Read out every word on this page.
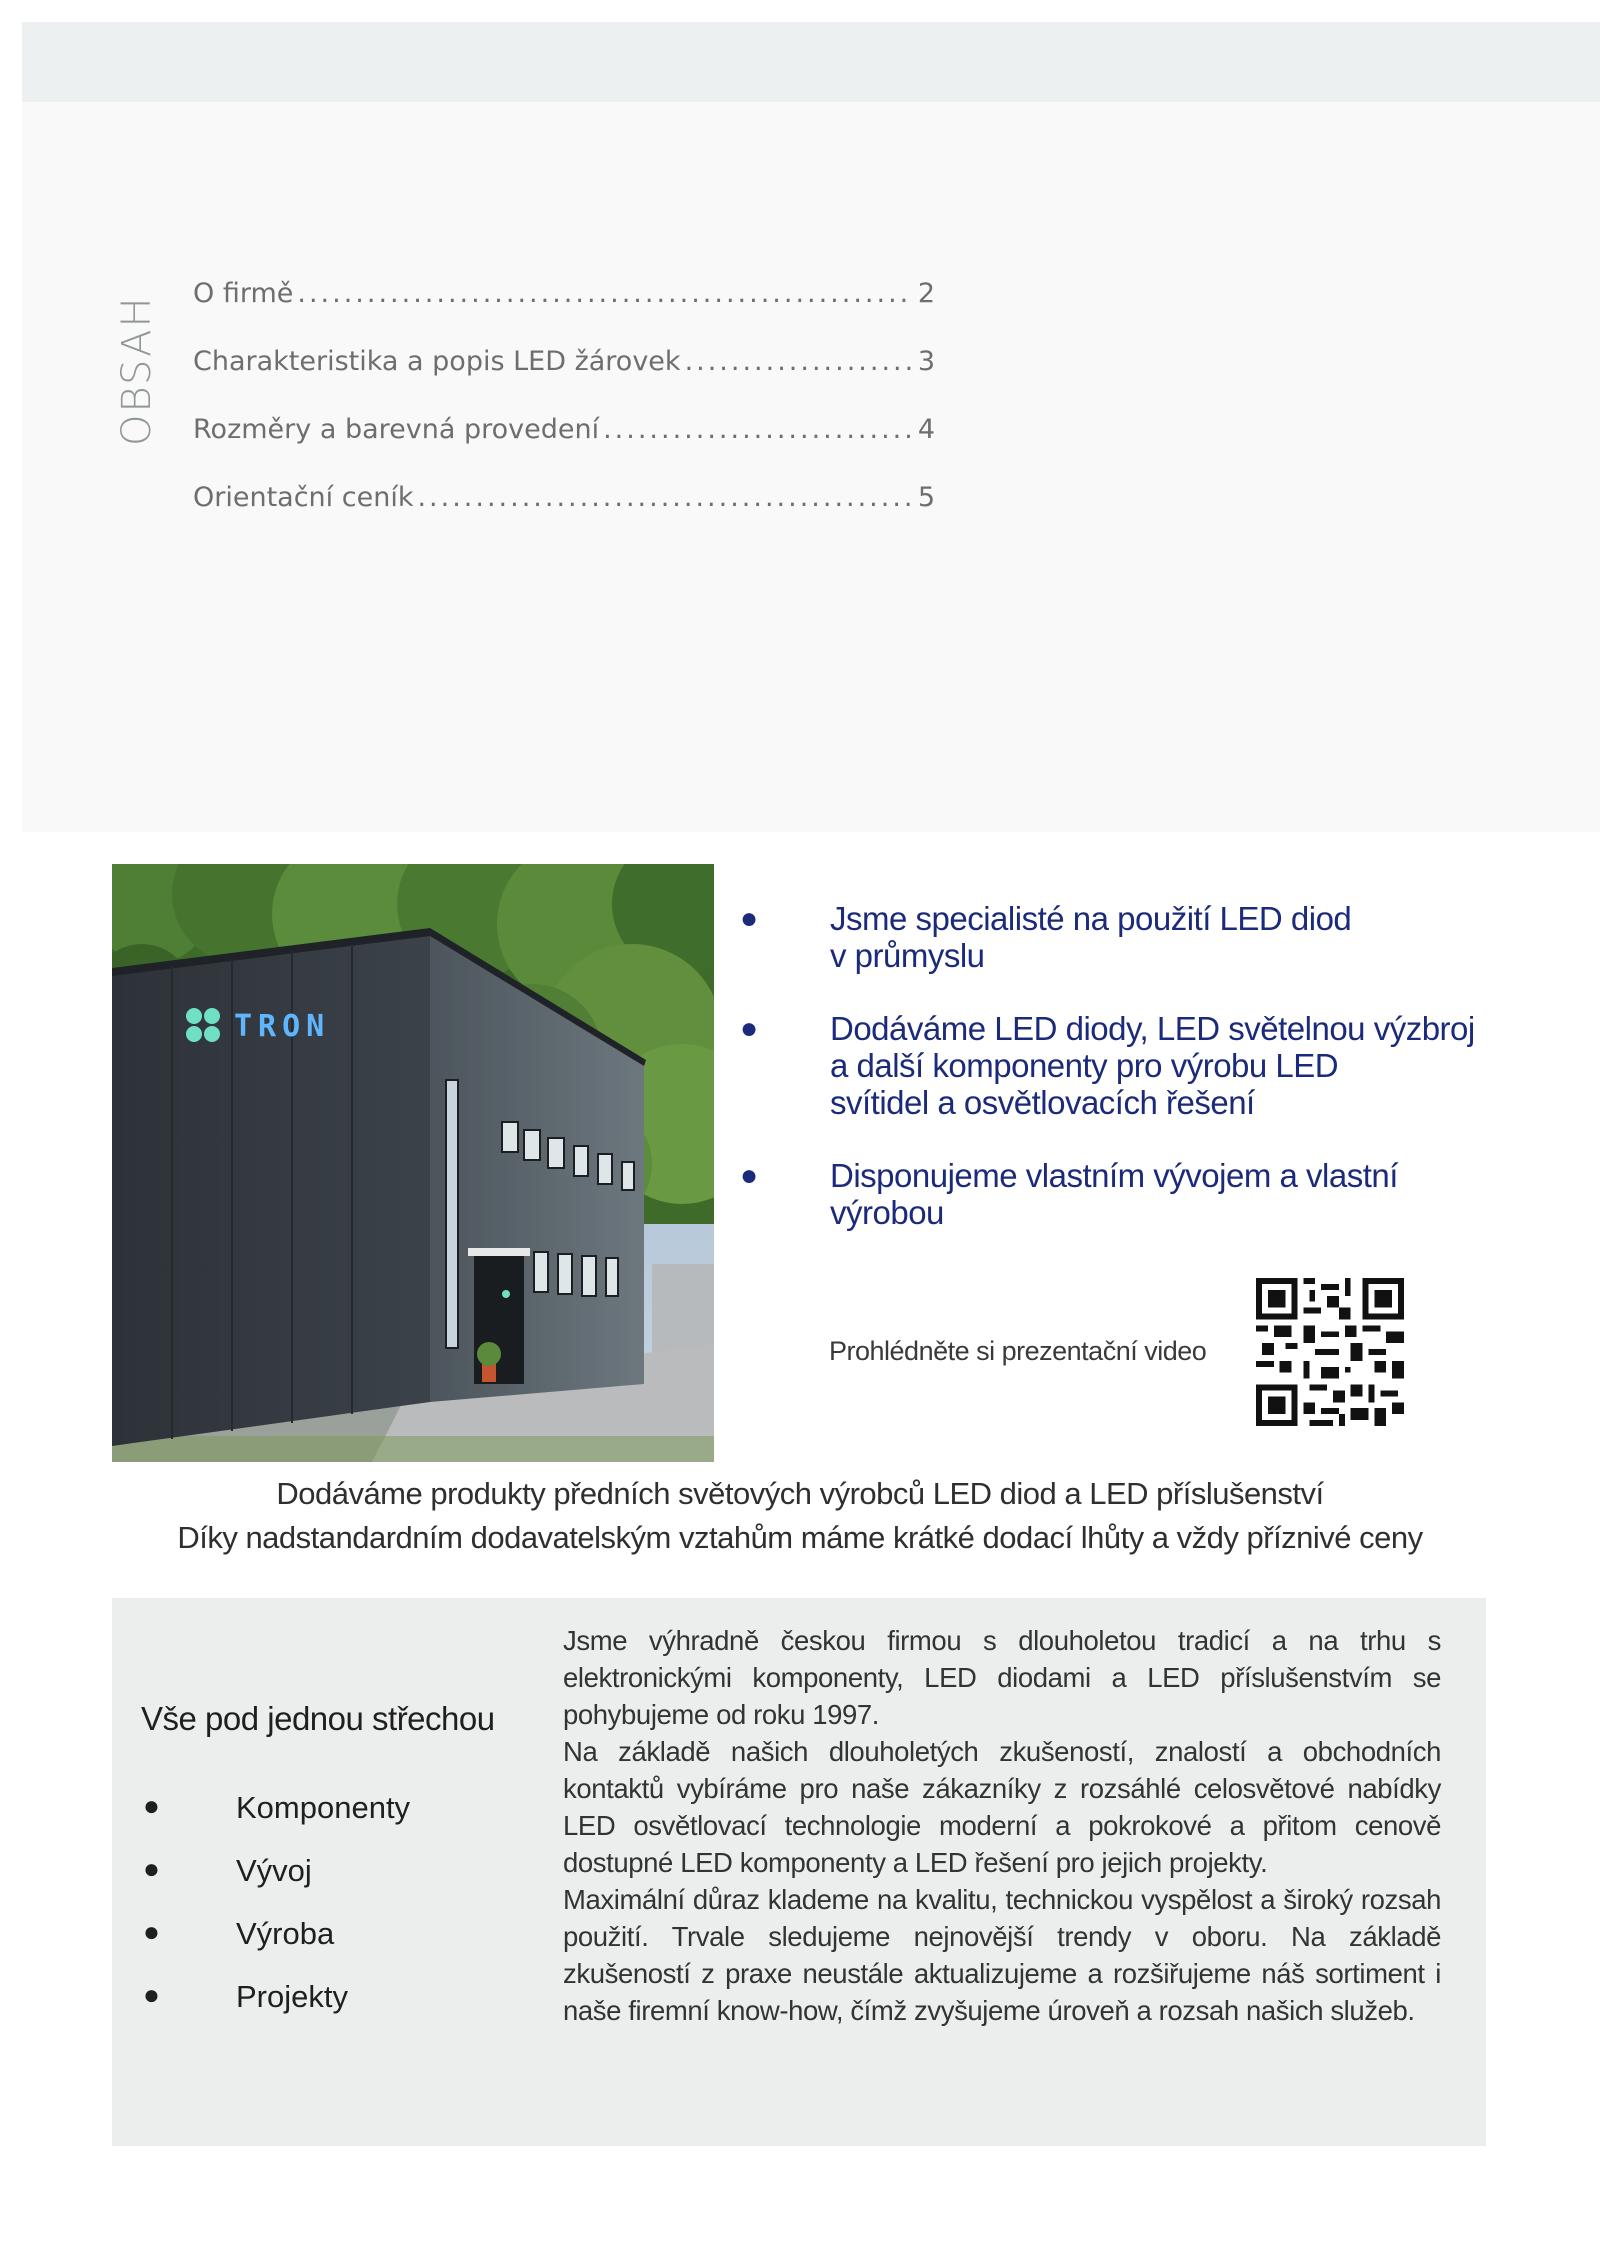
OBSAH
O firmě .....	2
Charakteristika a popis LED žárovek .....	3
Rozměry a barevná provedení .....	4
Orientační ceník .....	5
TRON
● Jsme specialisté na použití LED diod
v průmyslu
● Dodáváme LED diody, LED světelnou výzbroj
a další komponenty pro výrobu LED
svítidel a osvětlovacích řešení
● Disponujeme vlastním vývojem a vlastní
výrobou
Prohlédněte si prezentační video
Dodáváme produkty předních světových výrobců LED diod a LED příslušenství
Díky nadstandardním dodavatelským vztahům máme krátké dodací lhůty a vždy příznivé ceny
Vše pod jednou střechou
● Komponenty
● Vývoj
● Výroba
● Projekty

Jsme výhradně českou firmou s dlouholetou tradicí a na trhu s elektronickými komponenty, LED diodami a LED příslušenstvím se pohybujeme od roku 1997.

Na základě našich dlouholetých zkušeností, znalostí a obchodních kontaktů vybíráme pro naše zákazníky z rozsáhlé celosvětové nabídky LED osvětlovací technologie moderní a pokrokové a přitom cenově dostupné LED komponenty a LED řešení pro jejich projekty.

Maximální důraz klademe na kvalitu, technickou vyspělost a široký rozsah použití. Trvale sledujeme nejnovější trendy v oboru. Na základě zkušeností z praxe neustále aktualizujeme a rozšiřujeme náš sortiment i naše firemní know-how, čímž zvyšujeme úroveň a rozsah našich služeb.
